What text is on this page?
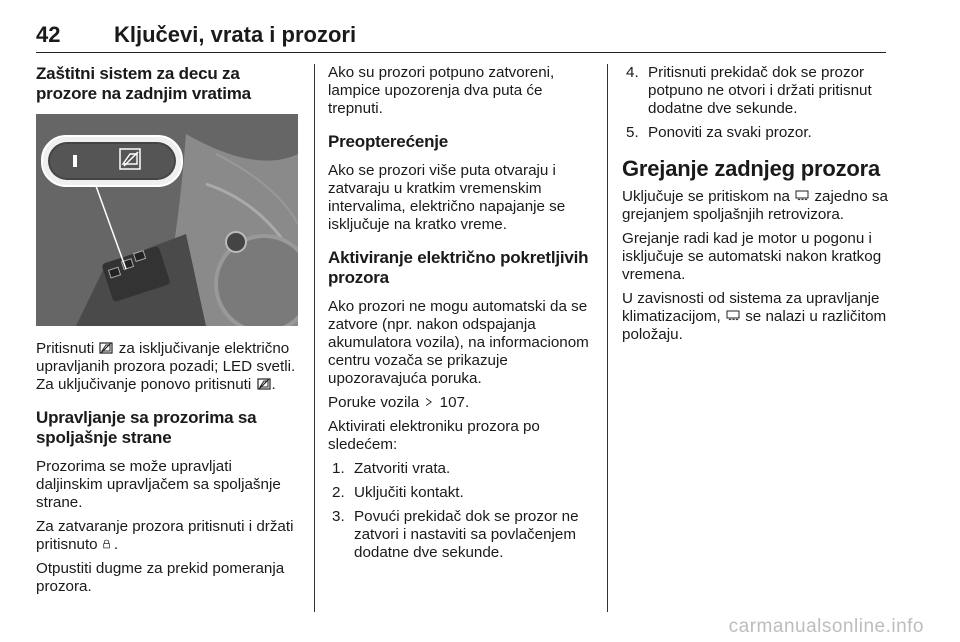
42 Ključevi, vrata i prozori
Zaštitni sistem za decu za prozore na zadnjim vratima

Pritisnuti za isključivanje električno upravljanih prozora pozadi; LED svetli. Za uključivanje ponovo pritisnuti .

Upravljanje sa prozorima sa spoljašnje strane

Prozorima se može upravljati daljinskim upravljačem sa spoljašnje strane.

Za zatvaranje prozora pritisnuti i držati pritisnuto .

Otpustiti dugme za prekid pomeranja prozora.

Ako su prozori potpuno zatvoreni, lampice upozorenja dva puta će trepnuti.

Preopterećenje

Ako se prozori više puta otvaraju i zatvaraju u kratkim vremenskim intervalima, električno napajanje se isključuje na kratko vreme.

Aktiviranje električno pokretljivih prozora

Ako prozori ne mogu automatski da se zatvore (npr. nakon odspajanja akumulatora vozila), na informacionom centru vozača se prikazuje upozoravajuća poruka.

Poruke vozila 107.

Aktivirati elektroniku prozora po sledećem:

1. Zatvoriti vrata.
2. Uključiti kontakt.
3. Povući prekidač dok se prozor ne zatvori i nastaviti sa povlačenjem dodatne dve sekunde.
4. Pritisnuti prekidač dok se prozor potpuno ne otvori i držati pritisnut dodatne dve sekunde.
5. Ponoviti za svaki prozor.
Grejanje zadnjeg prozora

Uključuje se pritiskom na zajedno sa grejanjem spoljašnjih retrovizora.

Grejanje radi kad je motor u pogonu i isključuje se automatski nakon kratkog vremena.

U zavisnosti od sistema za upravljanje klimatizacijom, se nalazi u različitom položaju.

carmanualsonline.info
